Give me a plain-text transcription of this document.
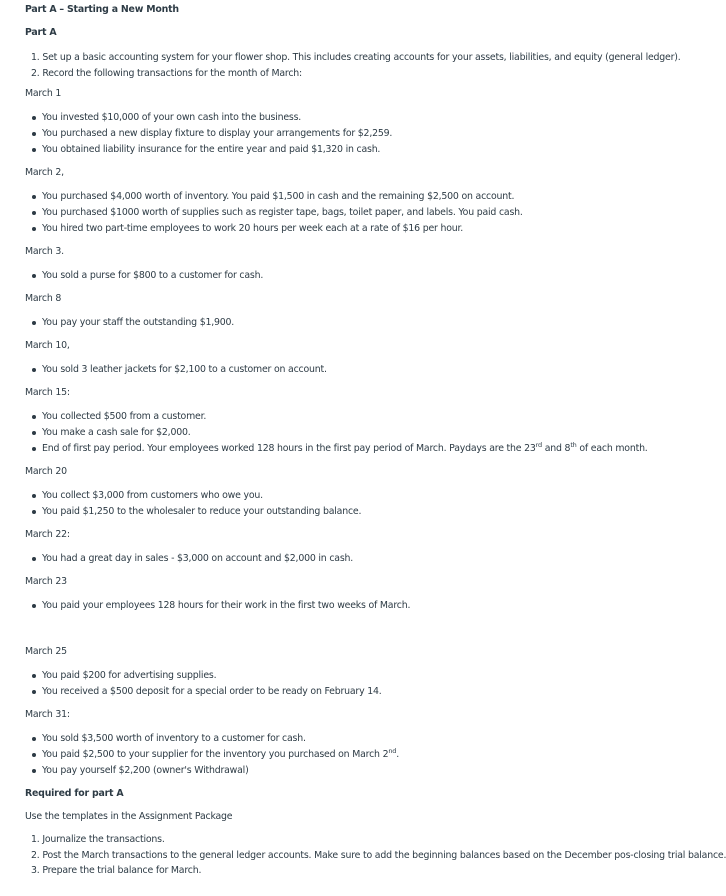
Part A – Starting a New Month
Part A
1. Set up a basic accounting system for your flower shop. This includes creating accounts for your assets, liabilities, and equity (general ledger).
2. Record the following transactions for the month of March:

March 1

You invested $10,000 of your own cash into the business.
You purchased a new display fixture to display your arrangements for $2,259.
You obtained liability insurance for the entire year and paid $1,320 in cash.

March 2,

You purchased $4,000 worth of inventory. You paid $1,500 in cash and the remaining $2,500 on account.
You purchased $1000 worth of supplies such as register tape, bags, toilet paper, and labels. You paid cash.
You hired two part-time employees to work 20 hours per week each at a rate of $16 per hour.

March 3.

You sold a purse for $800 to a customer for cash.

March 8

You pay your staff the outstanding $1,900.

March 10,

You sold 3 leather jackets for $2,100 to a customer on account.

March 15:

You collected $500 from a customer.
You make a cash sale for $2,000.
End of first pay period. Your employees worked 128 hours in the first pay period of March. Paydays are the 23rd and 8th of each month.

March 20

You collect $3,000 from customers who owe you.
You paid $1,250 to the wholesaler to reduce your outstanding balance.

March 22:

You had a great day in sales - $3,000 on account and $2,000 in cash.

March 23

You paid your employees 128 hours for their work in the first two weeks of March.

March 25

You paid $200 for advertising supplies.
You received a $500 deposit for a special order to be ready on February 14.

March 31:

You sold $3,500 worth of inventory to a customer for cash.
You paid $2,500 to your supplier for the inventory you purchased on March 2nd.
You pay yourself $2,200 (owner's Withdrawal)

Required for part A

Use the templates in the Assignment Package

1. Journalize the transactions.
2. Post the March transactions to the general ledger accounts. Make sure to add the beginning balances based on the December pos-closing trial balance.
3. Prepare the trial balance for March.
